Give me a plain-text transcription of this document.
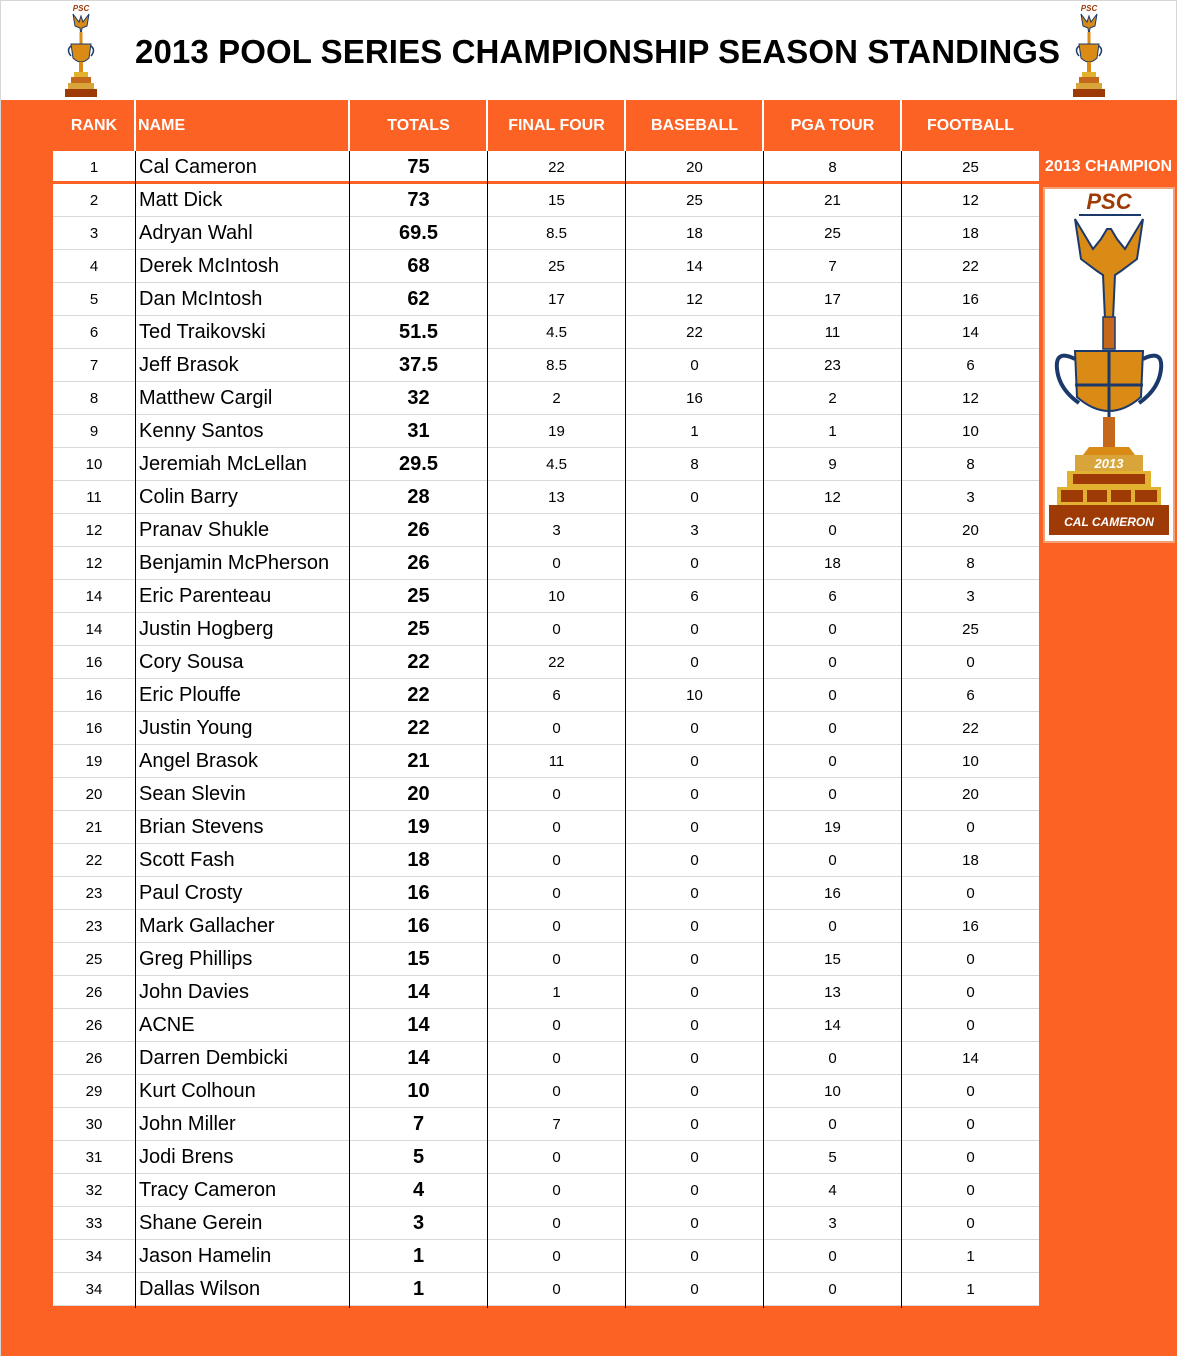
PSC
2013 POOL SERIES CHAMPIONSHIP SEASON STANDINGS
PSC
RANK	NAME	TOTALS	FINAL FOUR	BASEBALL	PGA TOUR	FOOTBALL
1	Cal Cameron	75	22	20	8	25
2	Matt Dick	73	15	25	21	12
3	Adryan Wahl	69.5	8.5	18	25	18
4	Derek McIntosh	68	25	14	7	22
5	Dan McIntosh	62	17	12	17	16
6	Ted Traikovski	51.5	4.5	22	11	14
7	Jeff Brasok	37.5	8.5	0	23	6
8	Matthew Cargil	32	2	16	2	12
9	Kenny Santos	31	19	1	1	10
10	Jeremiah McLellan	29.5	4.5	8	9	8
11	Colin Barry	28	13	0	12	3
12	Pranav Shukle	26	3	3	0	20
12	Benjamin McPherson	26	0	0	18	8
14	Eric Parenteau	25	10	6	6	3
14	Justin Hogberg	25	0	0	0	25
16	Cory Sousa	22	22	0	0	0
16	Eric Plouffe	22	6	10	0	6
16	Justin Young	22	0	0	0	22
19	Angel Brasok	21	11	0	0	10
20	Sean Slevin	20	0	0	0	20
21	Brian Stevens	19	0	0	19	0
22	Scott Fash	18	0	0	0	18
23	Paul Crosty	16	0	0	16	0
23	Mark Gallacher	16	0	0	0	16
25	Greg Phillips	15	0	0	15	0
26	John Davies	14	1	0	13	0
26	ACNE	14	0	0	14	0
26	Darren Dembicki	14	0	0	0	14
29	Kurt Colhoun	10	0	0	10	0
30	John Miller	7	7	0	0	0
31	Jodi Brens	5	0	0	5	0
32	Tracy Cameron	4	0	0	4	0
33	Shane Gerein	3	0	0	3	0
34	Jason Hamelin	1	0	0	0	1
34	Dallas Wilson	1	0	0	0	1
2013 CHAMPION
PSC
2013
CAL CAMERON
